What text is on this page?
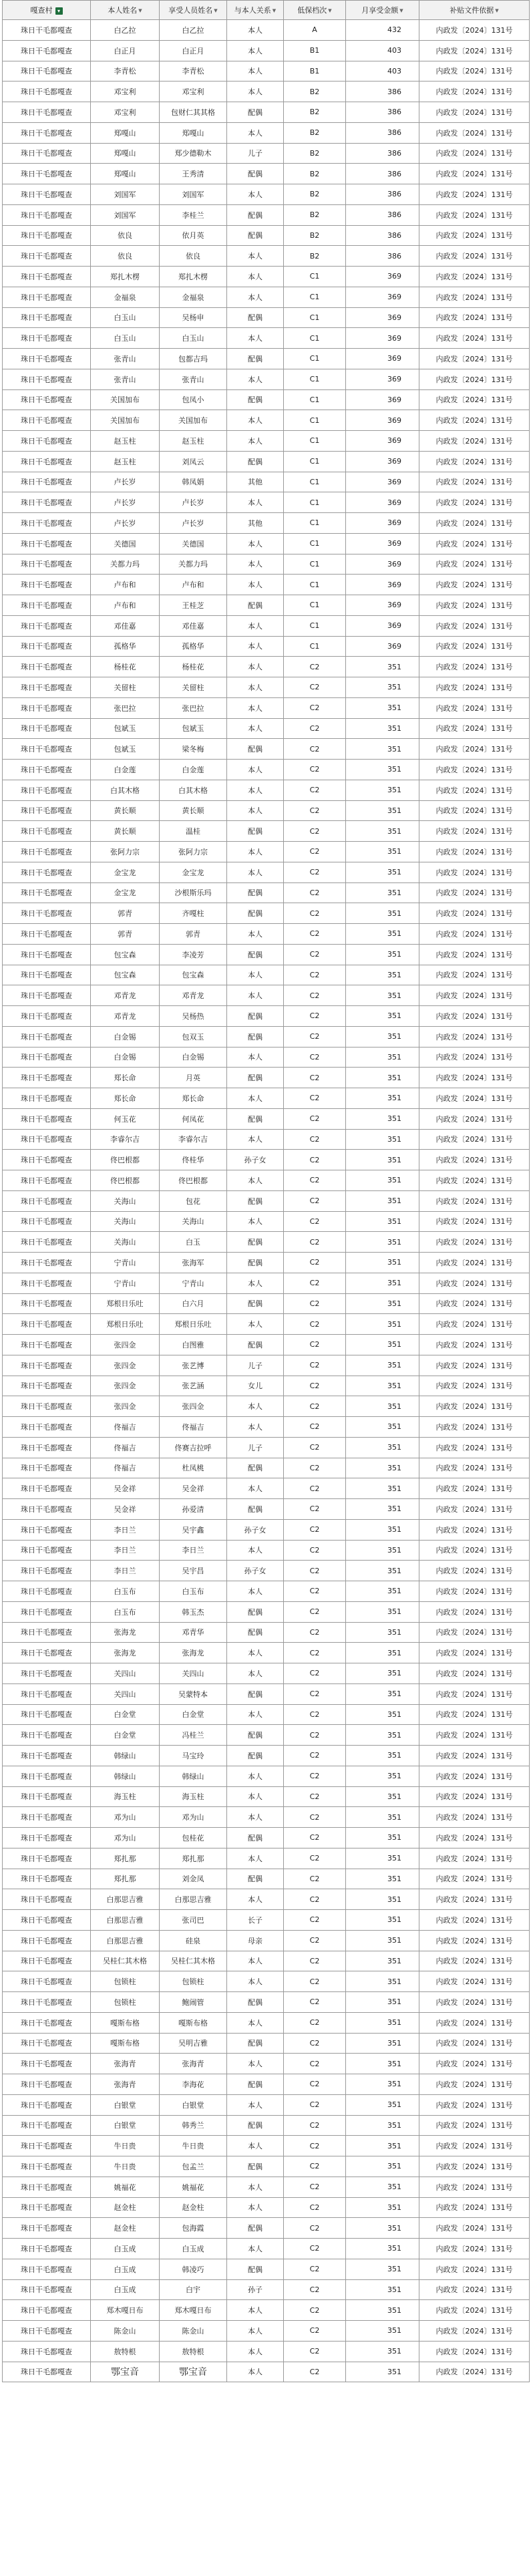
嘎查村 ▾	本人姓名 ▼	享受人员姓名 ▼	与本人关系 ▼	低保档次 ▼	月享受金额 ▼	补贴文件依据 ▼
珠日干毛都嘎查	白乙拉	白乙拉	本人	A	432	内政发〔2024〕131号
珠日干毛都嘎查	白正月	白正月	本人	B1	403	内政发〔2024〕131号
珠日干毛都嘎查	李青松	李青松	本人	B1	403	内政发〔2024〕131号
珠日干毛都嘎查	邓宝利	邓宝利	本人	B2	386	内政发〔2024〕131号
珠日干毛都嘎查	邓宝利	包财仁其其格	配偶	B2	386	内政发〔2024〕131号
珠日干毛都嘎查	郑嘎山	郑嘎山	本人	B2	386	内政发〔2024〕131号
珠日干毛都嘎查	郑嘎山	郑少德勒木	儿子	B2	386	内政发〔2024〕131号
珠日干毛都嘎查	郑嘎山	王秀清	配偶	B2	386	内政发〔2024〕131号
珠日干毛都嘎查	刘国军	刘国军	本人	B2	386	内政发〔2024〕131号
珠日干毛都嘎查	刘国军	李桂兰	配偶	B2	386	内政发〔2024〕131号
珠日干毛都嘎查	依良	依月英	配偶	B2	386	内政发〔2024〕131号
珠日干毛都嘎查	依良	依良	本人	B2	386	内政发〔2024〕131号
珠日干毛都嘎查	郑扎木楞	郑扎木楞	本人	C1	369	内政发〔2024〕131号
珠日干毛都嘎查	金福泉	金福泉	本人	C1	369	内政发〔2024〕131号
珠日干毛都嘎查	白玉山	吴杨申	配偶	C1	369	内政发〔2024〕131号
珠日干毛都嘎查	白玉山	白玉山	本人	C1	369	内政发〔2024〕131号
珠日干毛都嘎查	张青山	包都吉玛	配偶	C1	369	内政发〔2024〕131号
珠日干毛都嘎查	张青山	张青山	本人	C1	369	内政发〔2024〕131号
珠日干毛都嘎查	关国加布	包凤小	配偶	C1	369	内政发〔2024〕131号
珠日干毛都嘎查	关国加布	关国加布	本人	C1	369	内政发〔2024〕131号
珠日干毛都嘎查	赵玉柱	赵玉柱	本人	C1	369	内政发〔2024〕131号
珠日干毛都嘎查	赵玉柱	刘凤云	配偶	C1	369	内政发〔2024〕131号
珠日干毛都嘎查	卢长岁	韩凤娟	其他	C1	369	内政发〔2024〕131号
珠日干毛都嘎查	卢长岁	卢长岁	本人	C1	369	内政发〔2024〕131号
珠日干毛都嘎查	卢长岁	卢长岁	其他	C1	369	内政发〔2024〕131号
珠日干毛都嘎查	关德国	关德国	本人	C1	369	内政发〔2024〕131号
珠日干毛都嘎查	关都力玛	关都力玛	本人	C1	369	内政发〔2024〕131号
珠日干毛都嘎查	卢布和	卢布和	本人	C1	369	内政发〔2024〕131号
珠日干毛都嘎查	卢布和	王桂芝	配偶	C1	369	内政发〔2024〕131号
珠日干毛都嘎查	邓佳嘉	邓佳嘉	本人	C1	369	内政发〔2024〕131号
珠日干毛都嘎查	孤格华	孤格华	本人	C1	369	内政发〔2024〕131号
珠日干毛都嘎查	杨桂花	杨桂花	本人	C2	351	内政发〔2024〕131号
珠日干毛都嘎查	关留柱	关留柱	本人	C2	351	内政发〔2024〕131号
珠日干毛都嘎查	张巴拉	张巴拉	本人	C2	351	内政发〔2024〕131号
珠日干毛都嘎查	包斌玉	包斌玉	本人	C2	351	内政发〔2024〕131号
珠日干毛都嘎查	包斌玉	梁冬梅	配偶	C2	351	内政发〔2024〕131号
珠日干毛都嘎查	白金莲	白金莲	本人	C2	351	内政发〔2024〕131号
珠日干毛都嘎查	白其木格	白其木格	本人	C2	351	内政发〔2024〕131号
珠日干毛都嘎查	黄长顺	黄长顺	本人	C2	351	内政发〔2024〕131号
珠日干毛都嘎查	黄长顺	温桂	配偶	C2	351	内政发〔2024〕131号
珠日干毛都嘎查	张阿力宗	张阿力宗	本人	C2	351	内政发〔2024〕131号
珠日干毛都嘎查	金宝龙	金宝龙	本人	C2	351	内政发〔2024〕131号
珠日干毛都嘎查	金宝龙	沙根斯乐玛	配偶	C2	351	内政发〔2024〕131号
珠日干毛都嘎查	郭青	齐嘎柱	配偶	C2	351	内政发〔2024〕131号
珠日干毛都嘎查	郭青	郭青	本人	C2	351	内政发〔2024〕131号
珠日干毛都嘎查	包宝森	李凌芳	配偶	C2	351	内政发〔2024〕131号
珠日干毛都嘎查	包宝森	包宝森	本人	C2	351	内政发〔2024〕131号
珠日干毛都嘎查	邓青龙	邓青龙	本人	C2	351	内政发〔2024〕131号
珠日干毛都嘎查	邓青龙	吴杨热	配偶	C2	351	内政发〔2024〕131号
珠日干毛都嘎查	白金锡	包双玉	配偶	C2	351	内政发〔2024〕131号
珠日干毛都嘎查	白金锡	白金锡	本人	C2	351	内政发〔2024〕131号
珠日干毛都嘎查	郑长命	月英	配偶	C2	351	内政发〔2024〕131号
珠日干毛都嘎查	郑长命	郑长命	本人	C2	351	内政发〔2024〕131号
珠日干毛都嘎查	何玉花	何凤花	配偶	C2	351	内政发〔2024〕131号
珠日干毛都嘎查	李睿尔吉	李睿尔吉	本人	C2	351	内政发〔2024〕131号
珠日干毛都嘎查	佟巴根都	佟桂华	孙子女	C2	351	内政发〔2024〕131号
珠日干毛都嘎查	佟巴根都	佟巴根都	本人	C2	351	内政发〔2024〕131号
珠日干毛都嘎查	关海山	包花	配偶	C2	351	内政发〔2024〕131号
珠日干毛都嘎查	关海山	关海山	本人	C2	351	内政发〔2024〕131号
珠日干毛都嘎查	关海山	白玉	配偶	C2	351	内政发〔2024〕131号
珠日干毛都嘎查	宁青山	张海军	配偶	C2	351	内政发〔2024〕131号
珠日干毛都嘎查	宁青山	宁青山	本人	C2	351	内政发〔2024〕131号
珠日干毛都嘎查	郑根日乐吐	白六月	配偶	C2	351	内政发〔2024〕131号
珠日干毛都嘎查	郑根日乐吐	郑根日乐吐	本人	C2	351	内政发〔2024〕131号
珠日干毛都嘎查	张四金	白图雅	配偶	C2	351	内政发〔2024〕131号
珠日干毛都嘎查	张四金	张艺博	儿子	C2	351	内政发〔2024〕131号
珠日干毛都嘎查	张四金	张艺涵	女儿	C2	351	内政发〔2024〕131号
珠日干毛都嘎查	张四金	张四金	本人	C2	351	内政发〔2024〕131号
珠日干毛都嘎查	佟福吉	佟福吉	本人	C2	351	内政发〔2024〕131号
珠日干毛都嘎查	佟福吉	佟赛吉拉呼	儿子	C2	351	内政发〔2024〕131号
珠日干毛都嘎查	佟福吉	杜凤桃	配偶	C2	351	内政发〔2024〕131号
珠日干毛都嘎查	吴金祥	吴金祥	本人	C2	351	内政发〔2024〕131号
珠日干毛都嘎查	吴金祥	孙爱清	配偶	C2	351	内政发〔2024〕131号
珠日干毛都嘎查	李日兰	吴宇鑫	孙子女	C2	351	内政发〔2024〕131号
珠日干毛都嘎查	李日兰	李日兰	本人	C2	351	内政发〔2024〕131号
珠日干毛都嘎查	李日兰	吴宇昌	孙子女	C2	351	内政发〔2024〕131号
珠日干毛都嘎查	白玉布	白玉布	本人	C2	351	内政发〔2024〕131号
珠日干毛都嘎查	白玉布	韩玉杰	配偶	C2	351	内政发〔2024〕131号
珠日干毛都嘎查	张海龙	邓青华	配偶	C2	351	内政发〔2024〕131号
珠日干毛都嘎查	张海龙	张海龙	本人	C2	351	内政发〔2024〕131号
珠日干毛都嘎查	关四山	关四山	本人	C2	351	内政发〔2024〕131号
珠日干毛都嘎查	关四山	吴蒙特本	配偶	C2	351	内政发〔2024〕131号
珠日干毛都嘎查	白金堂	白金堂	本人	C2	351	内政发〔2024〕131号
珠日干毛都嘎查	白金堂	冯桂兰	配偶	C2	351	内政发〔2024〕131号
珠日干毛都嘎查	韩绿山	马宝玲	配偶	C2	351	内政发〔2024〕131号
珠日干毛都嘎查	韩绿山	韩绿山	本人	C2	351	内政发〔2024〕131号
珠日干毛都嘎查	海玉柱	海玉柱	本人	C2	351	内政发〔2024〕131号
珠日干毛都嘎查	邓为山	邓为山	本人	C2	351	内政发〔2024〕131号
珠日干毛都嘎查	邓为山	包桂花	配偶	C2	351	内政发〔2024〕131号
珠日干毛都嘎查	郑扎那	郑扎那	本人	C2	351	内政发〔2024〕131号
珠日干毛都嘎查	郑扎那	刘金凤	配偶	C2	351	内政发〔2024〕131号
珠日干毛都嘎查	白那思吉雅	白那思吉雅	本人	C2	351	内政发〔2024〕131号
珠日干毛都嘎查	白那思吉雅	张司巴	长子	C2	351	内政发〔2024〕131号
珠日干毛都嘎查	白那思吉雅	硅泉	母亲	C2	351	内政发〔2024〕131号
珠日干毛都嘎查	吴桂仁其木格	吴桂仁其木格	本人	C2	351	内政发〔2024〕131号
珠日干毛都嘎查	包锁柱	包锁柱	本人	C2	351	内政发〔2024〕131号
珠日干毛都嘎查	包锁柱	鲍闹管	配偶	C2	351	内政发〔2024〕131号
珠日干毛都嘎查	嘎斯布格	嘎斯布格	本人	C2	351	内政发〔2024〕131号
珠日干毛都嘎查	嘎斯布格	吴明吉雅	配偶	C2	351	内政发〔2024〕131号
珠日干毛都嘎查	张海青	张海青	本人	C2	351	内政发〔2024〕131号
珠日干毛都嘎查	张海青	李海花	配偶	C2	351	内政发〔2024〕131号
珠日干毛都嘎查	白银堂	白银堂	本人	C2	351	内政发〔2024〕131号
珠日干毛都嘎查	白银堂	韩秀兰	配偶	C2	351	内政发〔2024〕131号
珠日干毛都嘎查	牛日贵	牛日贵	本人	C2	351	内政发〔2024〕131号
珠日干毛都嘎查	牛日贵	包孟兰	配偶	C2	351	内政发〔2024〕131号
珠日干毛都嘎查	姚福花	姚福花	本人	C2	351	内政发〔2024〕131号
珠日干毛都嘎查	赵金柱	赵金柱	本人	C2	351	内政发〔2024〕131号
珠日干毛都嘎查	赵金柱	包海霞	配偶	C2	351	内政发〔2024〕131号
珠日干毛都嘎查	白玉成	白玉成	本人	C2	351	内政发〔2024〕131号
珠日干毛都嘎查	白玉成	韩凌巧	配偶	C2	351	内政发〔2024〕131号
珠日干毛都嘎查	白玉成	白宇	孙子	C2	351	内政发〔2024〕131号
珠日干毛都嘎查	郑木嘎日布	郑木嘎日布	本人	C2	351	内政发〔2024〕131号
珠日干毛都嘎查	陈金山	陈金山	本人	C2	351	内政发〔2024〕131号
珠日干毛都嘎查	敖特根	敖特根	本人	C2	351	内政发〔2024〕131号
珠日干毛都嘎查	鄂宝音	鄂宝音	本人	C2	351	内政发〔2024〕131号
